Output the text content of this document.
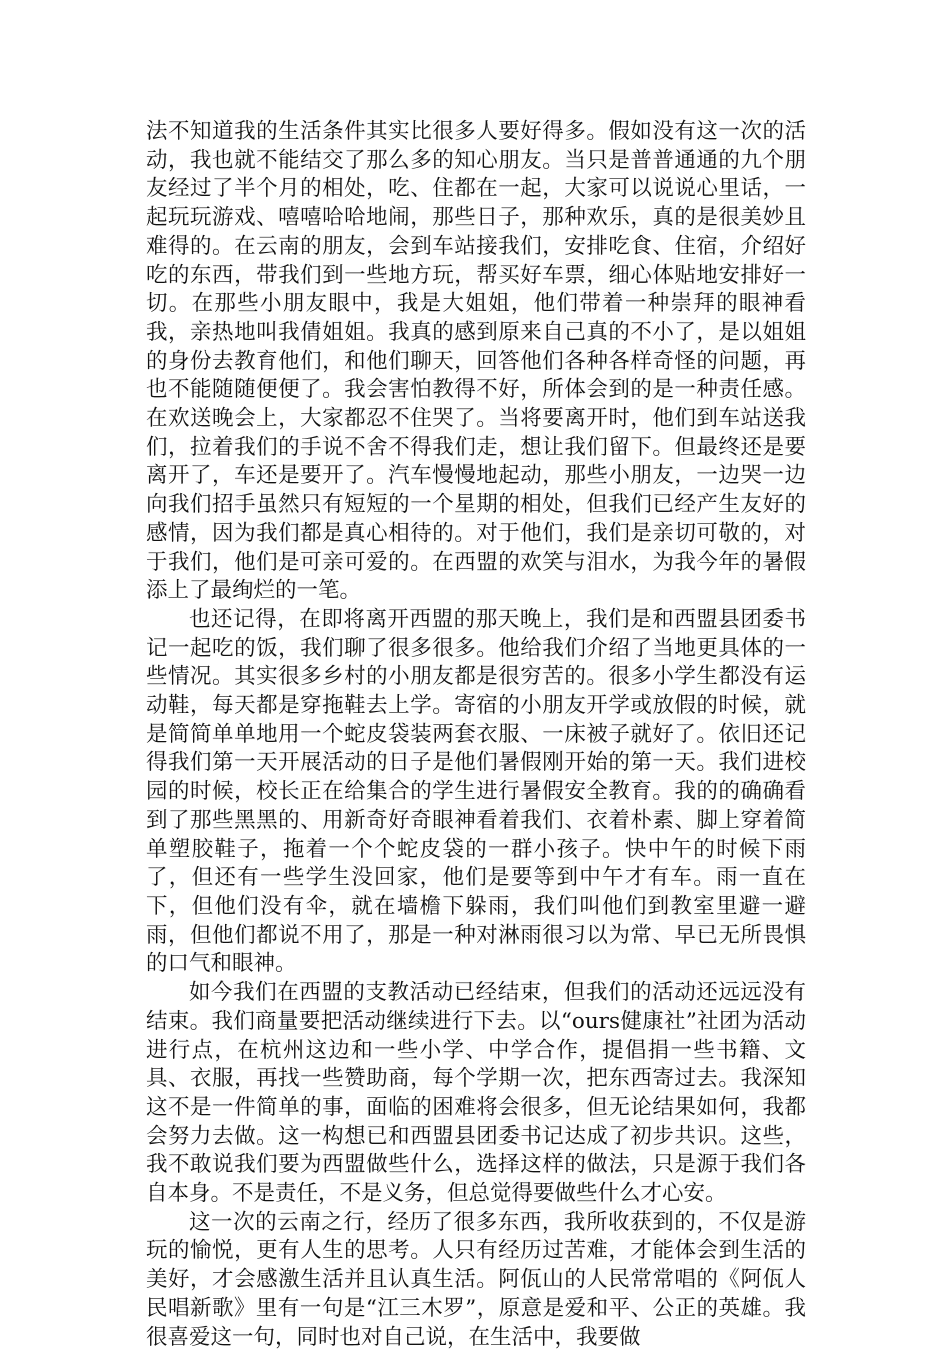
法不知道我的生活条件其实比很多人要好得多。假如没有这一次的活动，我也就不能结交了那么多的知心朋友。当只是普普通通的九个朋友经过了半个月的相处，吃、住都在一起，大家可以说说心里话，一起玩玩游戏、嘻嘻哈哈地闹，那些日子，那种欢乐，真的是很美妙且难得的。在云南的朋友，会到车站接我们，安排吃食、住宿，介绍好吃的东西，带我们到一些地方玩，帮买好车票，细心体贴地安排好一切。在那些小朋友眼中，我是大姐姐，他们带着一种崇拜的眼神看我，亲热地叫我倩姐姐。我真的感到原来自己真的不小了，是以姐姐的身份去教育他们，和他们聊天，回答他们各种各样奇怪的问题，再也不能随随便便了。我会害怕教得不好，所体会到的是一种责任感。在欢送晚会上，大家都忍不住哭了。当将要离开时，他们到车站送我们，拉着我们的手说不舍不得我们走，想让我们留下。但最终还是要离开了，车还是要开了。汽车慢慢地起动，那些小朋友，一边哭一边向我们招手虽然只有短短的一个星期的相处，但我们已经产生友好的感情，因为我们都是真心相待的。对于他们，我们是亲切可敬的，对于我们，他们是可亲可爱的。在西盟的欢笑与泪水，为我今年的暑假添上了最绚烂的一笔。

也还记得，在即将离开西盟的那天晚上，我们是和西盟县团委书记一起吃的饭，我们聊了很多很多。他给我们介绍了当地更具体的一些情况。其实很多乡村的小朋友都是很穷苦的。很多小学生都没有运动鞋，每天都是穿拖鞋去上学。寄宿的小朋友开学或放假的时候，就是简简单单地用一个蛇皮袋装两套衣服、一床被子就好了。依旧还记得我们第一天开展活动的日子是他们暑假刚开始的第一天。我们进校园的时候，校长正在给集合的学生进行暑假安全教育。我的的确确看到了那些黑黑的、用新奇好奇眼神看着我们、衣着朴素、脚上穿着简单塑胶鞋子，拖着一个个蛇皮袋的一群小孩子。快中午的时候下雨了，但还有一些学生没回家，他们是要等到中午才有车。雨一直在下，但他们没有伞，就在墙檐下躲雨，我们叫他们到教室里避一避雨，但他们都说不用了，那是一种对淋雨很习以为常、早已无所畏惧的口气和眼神。

如今我们在西盟的支教活动已经结束，但我们的活动还远远没有结束。我们商量要把活动继续进行下去。以“ours健康社”社团为活动进行点，在杭州这边和一些小学、中学合作，提倡捐一些书籍、文具、衣服，再找一些赞助商，每个学期一次，把东西寄过去。我深知这不是一件简单的事，面临的困难将会很多，但无论结果如何，我都会努力去做。这一构想已和西盟县团委书记达成了初步共识。这些，我不敢说我们要为西盟做些什么，选择这样的做法，只是源于我们各自本身。不是责任，不是义务，但总觉得要做些什么才心安。

这一次的云南之行，经历了很多东西，我所收获到的，不仅是游玩的愉悦，更有人生的思考。人只有经历过苦难，才能体会到生活的美好，才会感激生活并且认真生活。阿佤山的人民常常唱的《阿佤人民唱新歌》里有一句是“江三木罗”，原意是爱和平、公正的英雄。我很喜爱这一句，同时也对自己说，在生活中，我要做
